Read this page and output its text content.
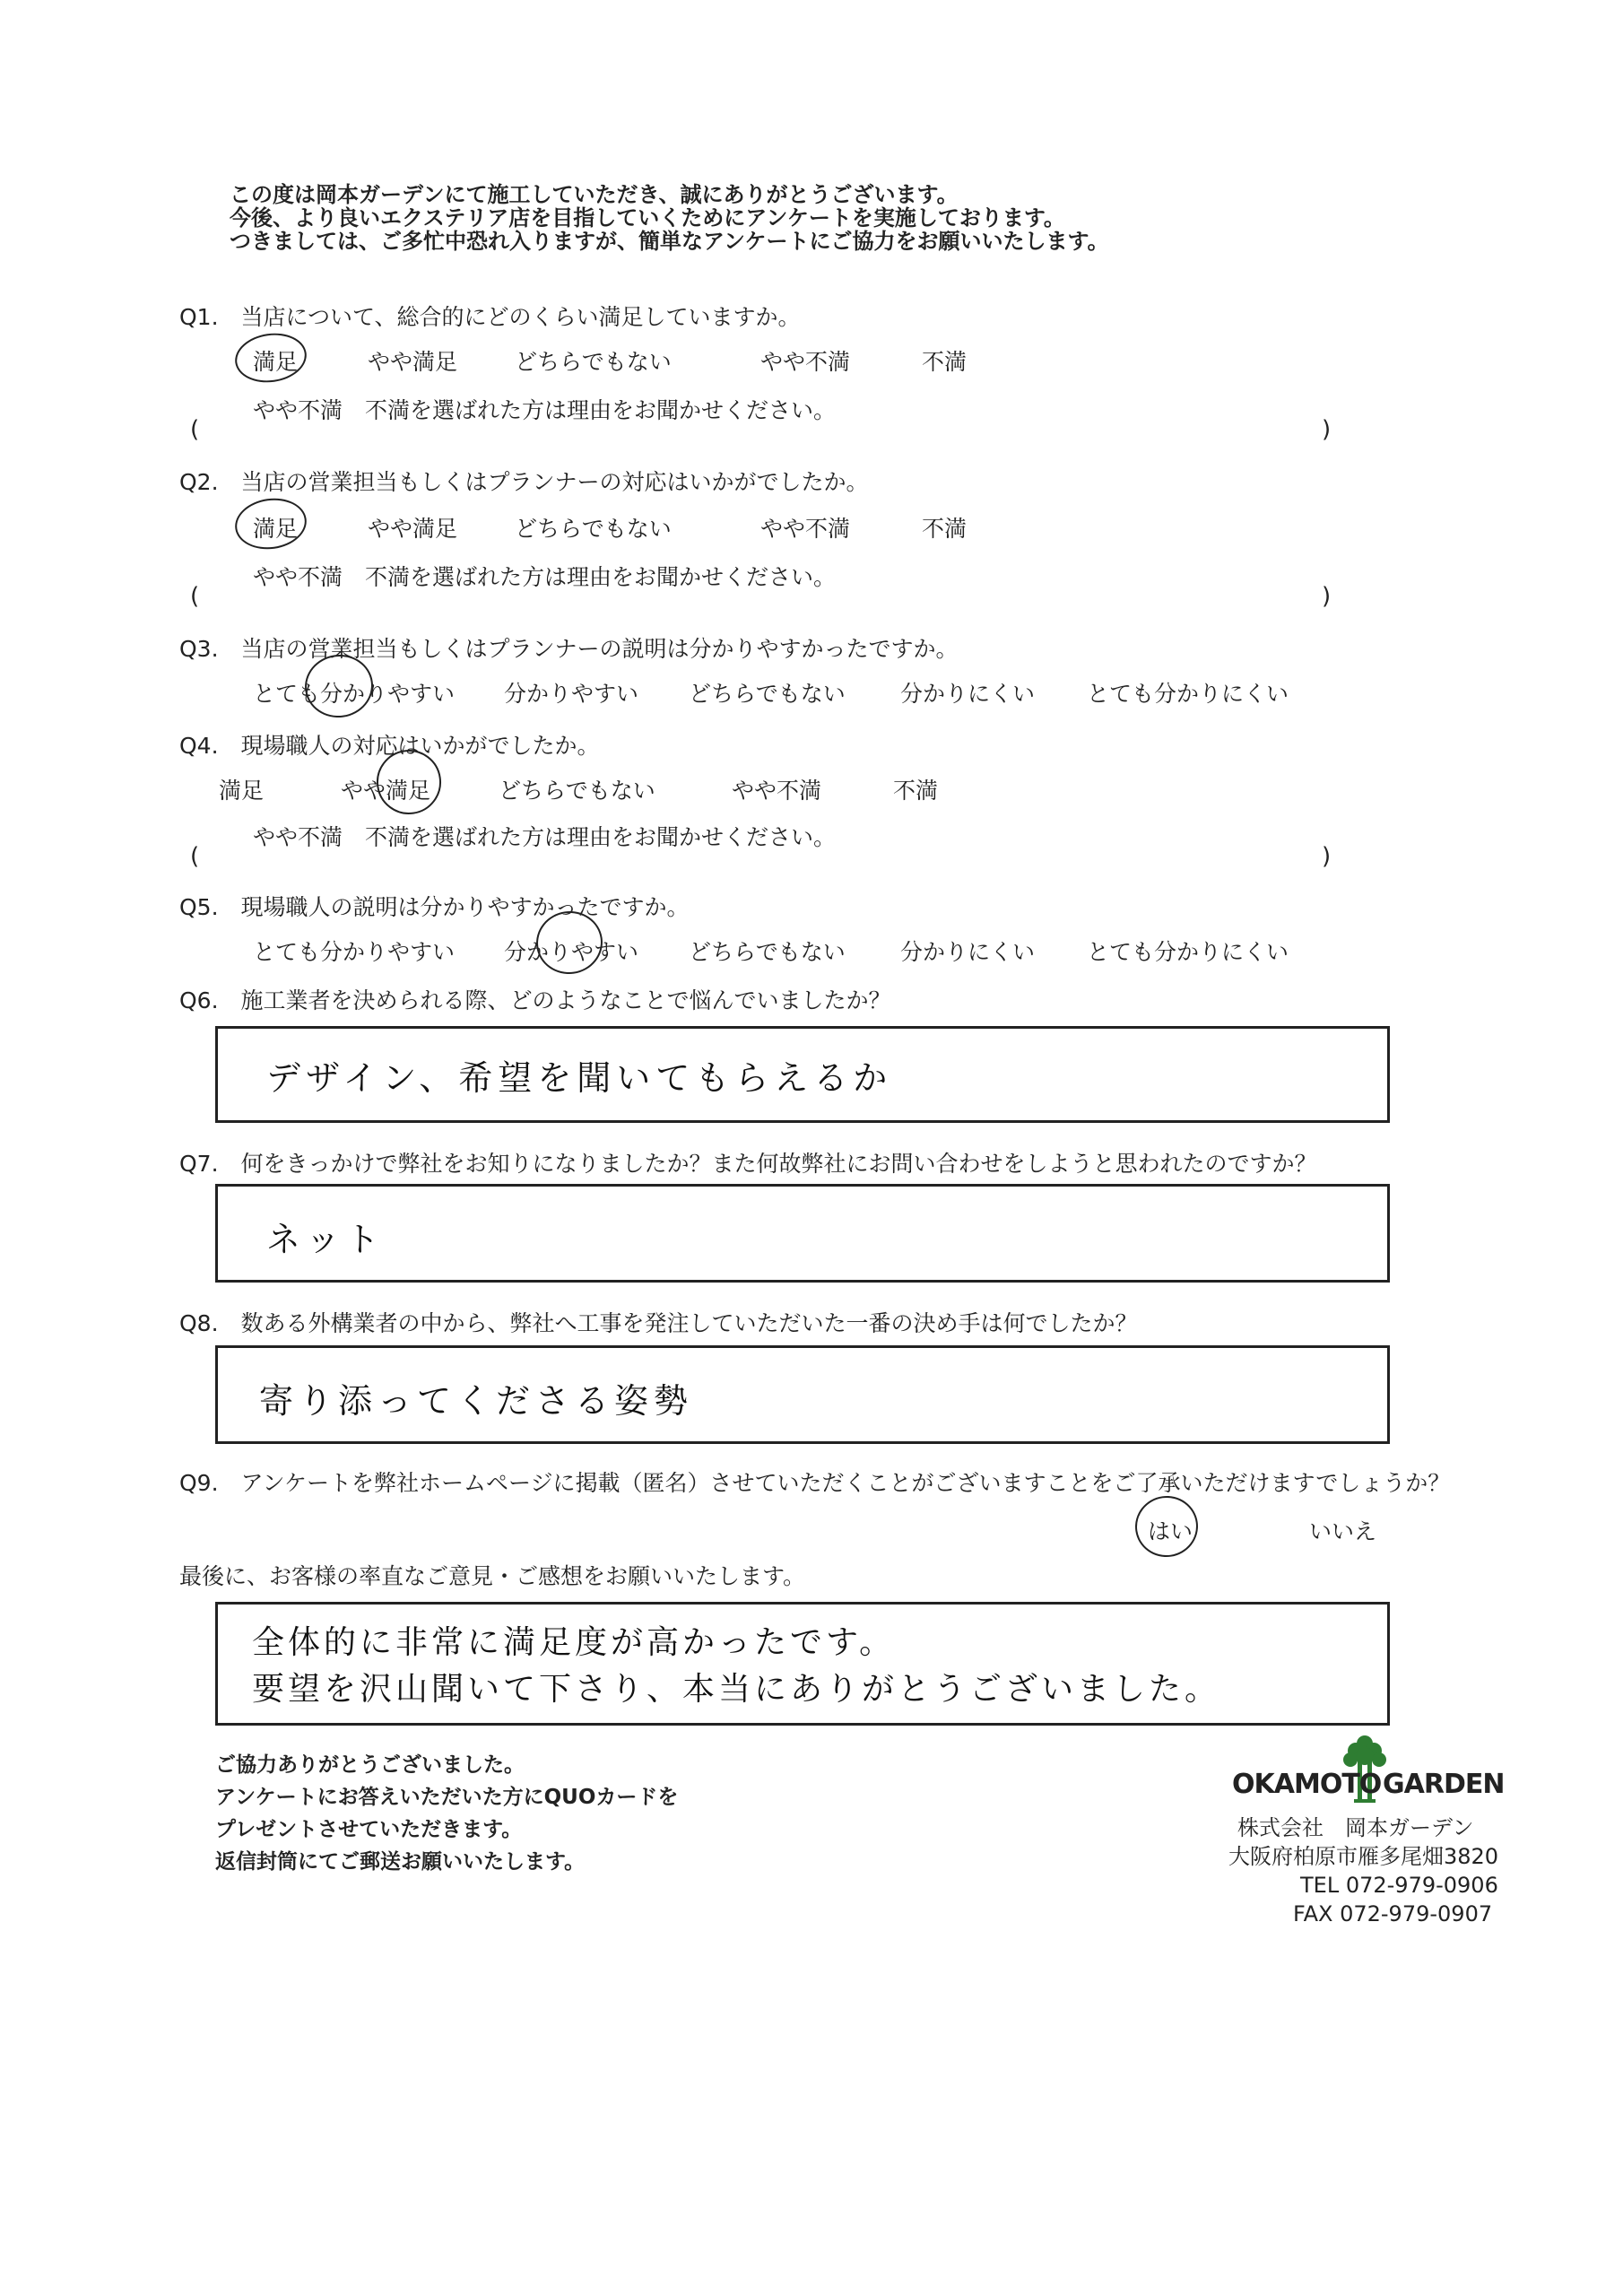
この度は岡本ガーデンにて施工していただき、誠にありがとうございます。
今後、より良いエクステリア店を目指していくためにアンケートを実施しております。
つきましては、ご多忙中恐れ入りますが、簡単なアンケートにご協力をお願いいたします。
Q1.　当店について、総合的にどのくらい満足していますか。
満足	やや満足	どちらでもない	やや不満	不満
やや不満　不満を選ばれた方は理由をお聞かせください。
(	)
Q2.　当店の営業担当もしくはプランナーの対応はいかがでしたか。
満足	やや満足	どちらでもない	やや不満	不満
やや不満　不満を選ばれた方は理由をお聞かせください。
(	)
Q3.　当店の営業担当もしくはプランナーの説明は分かりやすかったですか。
とても分かりやすい 分かりやすい どちらでもない 分かりにくい とても分かりにくい
Q4.　現場職人の対応はいかがでしたか。
満足	やや満足	どちらでもない	やや不満	不満
やや不満　不満を選ばれた方は理由をお聞かせください。
(	)
Q5.　現場職人の説明は分かりやすかったですか。
とても分かりやすい 分かりやすい どちらでもない 分かりにくい とても分かりにくい
Q6.　施工業者を決められる際、どのようなことで悩んでいましたか？
デザイン、希望を聞いてもらえるか
Q7.　何をきっかけで弊社をお知りになりましたか？また何故弊社にお問い合わせをしようと思われたのですか？
ネット
Q8.　数ある外構業者の中から、弊社へ工事を発注していただいた一番の決め手は何でしたか？
寄り添ってくださる姿勢
Q9.　アンケートを弊社ホームページに掲載（匿名）させていただくことがございますことをご了承いただけますでしょうか？
はい	いいえ
最後に、お客様の率直なご意見・ご感想をお願いいたします。
全体的に非常に満足度が高かったです。
要望を沢山聞いて下さり、本当にありがとうございました。
ご協力ありがとうございました。
アンケートにお答えいただいた方にQUOカードを
プレゼントさせていただきます。
返信封筒にてご郵送お願いいたします。
OKAMOTO GARDEN
株式会社　岡本ガーデン
大阪府柏原市雁多尾畑3820
TEL 072-979-0906
FAX 072-979-0907
